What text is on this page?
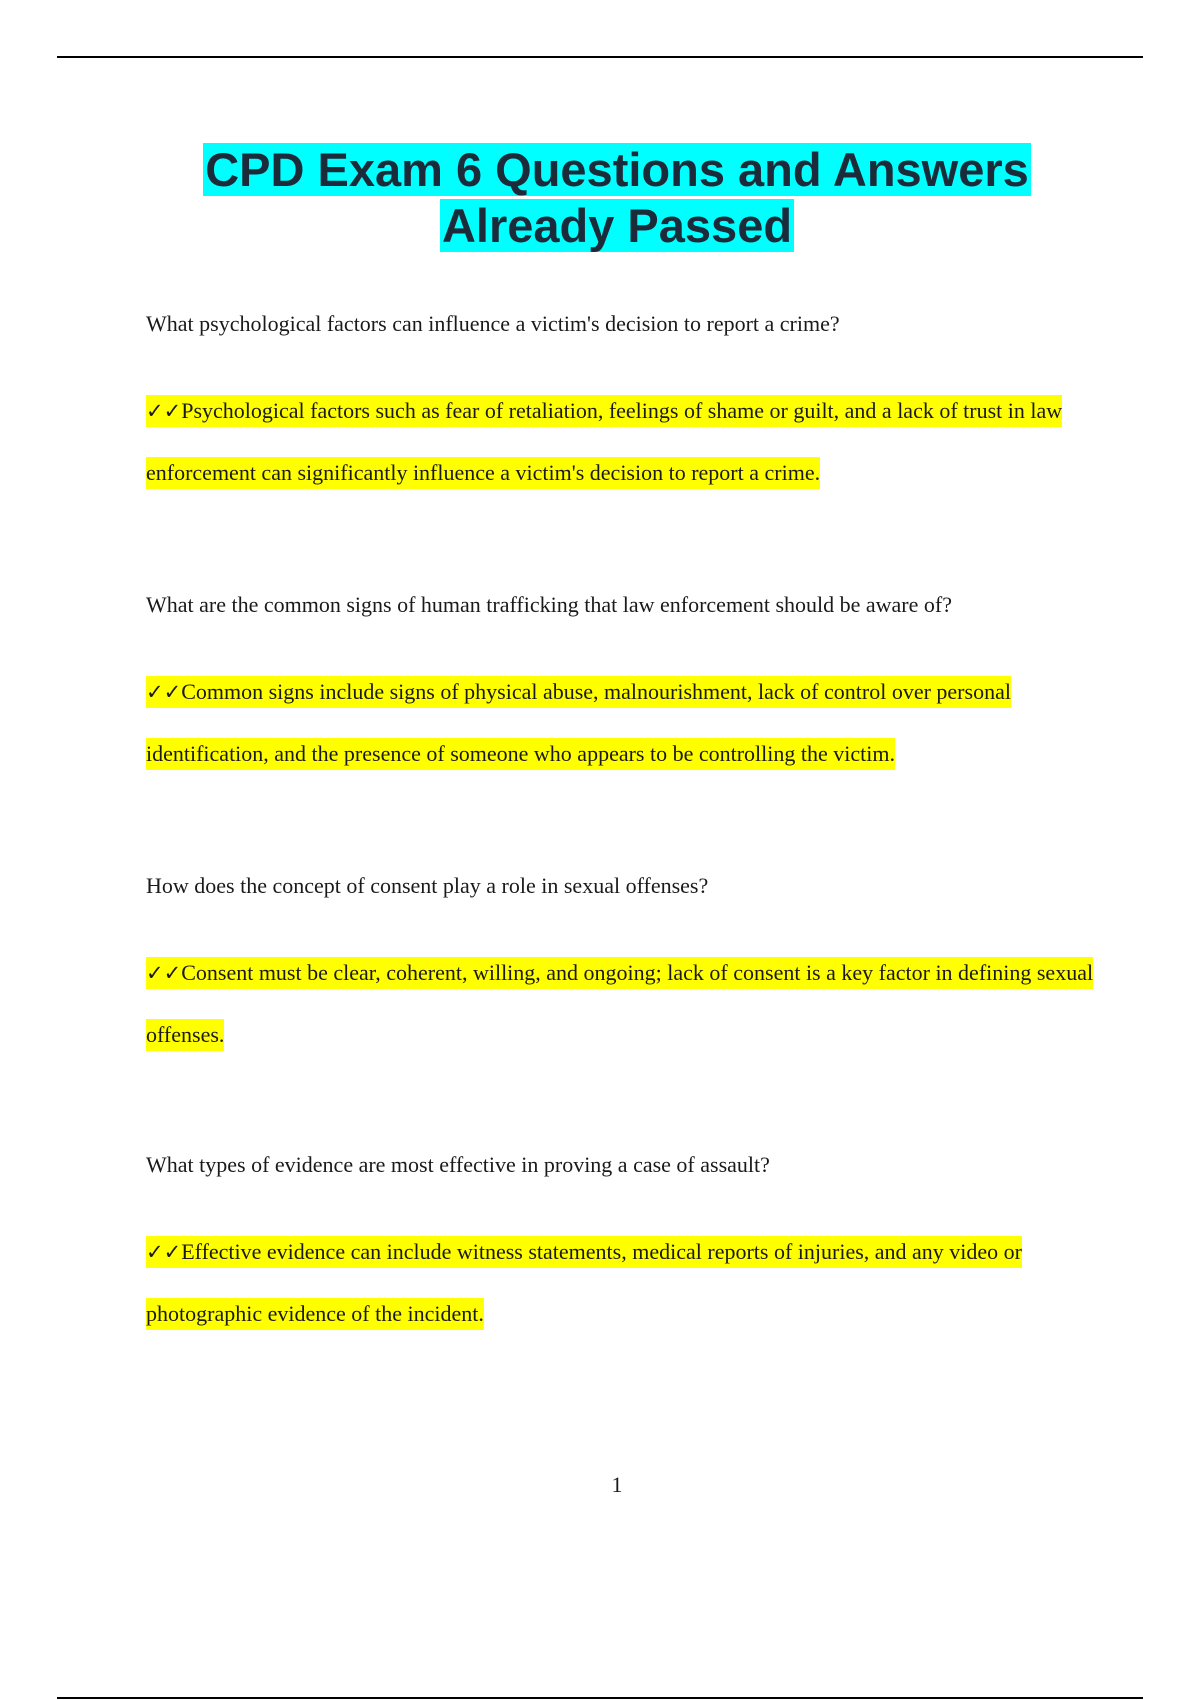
CPD Exam 6 Questions and Answers
Already Passed

What psychological factors can influence a victim's decision to report a crime?

✓✓Psychological factors such as fear of retaliation, feelings of shame or guilt, and a lack of trust in law enforcement can significantly influence a victim's decision to report a crime.

What are the common signs of human trafficking that law enforcement should be aware of?

✓✓Common signs include signs of physical abuse, malnourishment, lack of control over personal identification, and the presence of someone who appears to be controlling the victim.

How does the concept of consent play a role in sexual offenses?

✓✓Consent must be clear, coherent, willing, and ongoing; lack of consent is a key factor in defining sexual offenses.

What types of evidence are most effective in proving a case of assault?

✓✓Effective evidence can include witness statements, medical reports of injuries, and any video or photographic evidence of the incident.

1
